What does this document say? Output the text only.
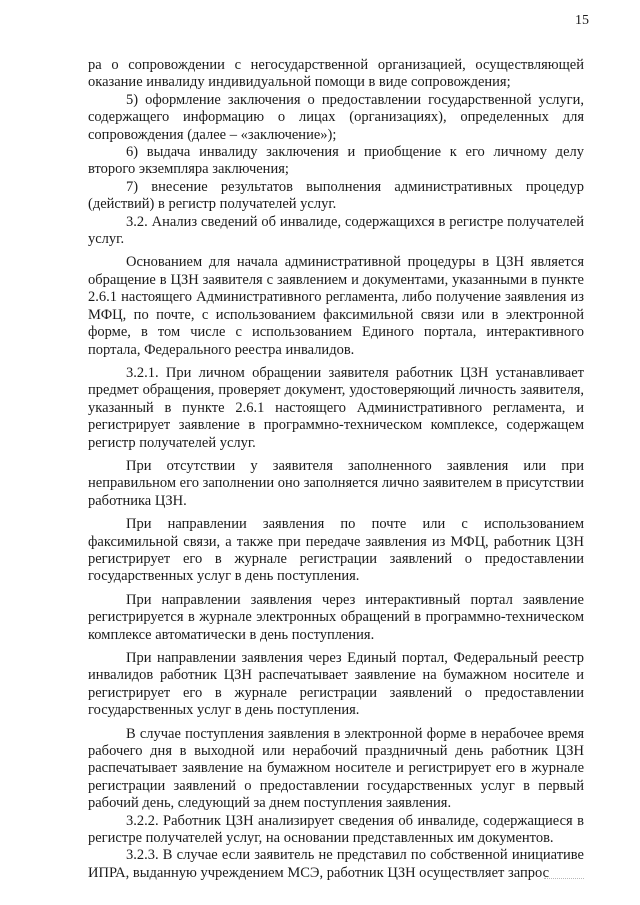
15

ра о сопровождении с негосударственной организацией, осуществляющей оказание инвалиду индивидуальной помощи в виде сопровождения;

5) оформление заключения о предоставлении государственной услуги, содержащего информацию о лицах (организациях), определенных для сопровождения (далее – «заключение»);

6) выдача инвалиду заключения и приобщение к его личному делу второго экземпляра заключения;

7) внесение результатов выполнения административных процедур (действий) в регистр получателей услуг.

3.2. Анализ сведений об инвалиде, содержащихся в регистре получателей услуг.

Основанием для начала административной процедуры в ЦЗН является обращение в ЦЗН заявителя с заявлением и документами, указанными в пункте 2.6.1 настоящего Административного регламента, либо получение заявления из МФЦ, по почте, с использованием факсимильной связи или в электронной форме, в том числе с использованием Единого портала, интерактивного портала, Федерального реестра инвалидов.

3.2.1. При личном обращении заявителя работник ЦЗН устанавливает предмет обращения, проверяет документ, удостоверяющий личность заявителя, указанный в пункте 2.6.1 настоящего Административного регламента, и регистрирует заявление в программно-техническом комплексе, содержащем регистр получателей услуг.

При отсутствии у заявителя заполненного заявления или при неправильном его заполнении оно заполняется лично заявителем в присутствии работника ЦЗН.

При направлении заявления по почте или с использованием факсимильной связи, а также при передаче заявления из МФЦ, работник ЦЗН регистрирует его в журнале регистрации заявлений о предоставлении государственных услуг в день поступления.

При направлении заявления через интерактивный портал заявление регистрируется в журнале электронных обращений в программно-техническом комплексе автоматически в день поступления.

При направлении заявления через Единый портал, Федеральный реестр инвалидов работник ЦЗН распечатывает заявление на бумажном носителе и регистрирует его в журнале регистрации заявлений о предоставлении государственных услуг в день поступления.

В случае поступления заявления в электронной форме в нерабочее время рабочего дня в выходной или нерабочий праздничный день работник ЦЗН распечатывает заявление на бумажном носителе и регистрирует его в журнале регистрации заявлений о предоставлении государственных услуг в первый рабочий день, следующий за днем поступления заявления.

3.2.2. Работник ЦЗН анализирует сведения об инвалиде, содержащиеся в регистре получателей услуг, на основании представленных им документов.

3.2.3. В случае если заявитель не представил по собственной инициативе ИПРА, выданную учреждением МСЭ, работник ЦЗН осуществляет запрос
